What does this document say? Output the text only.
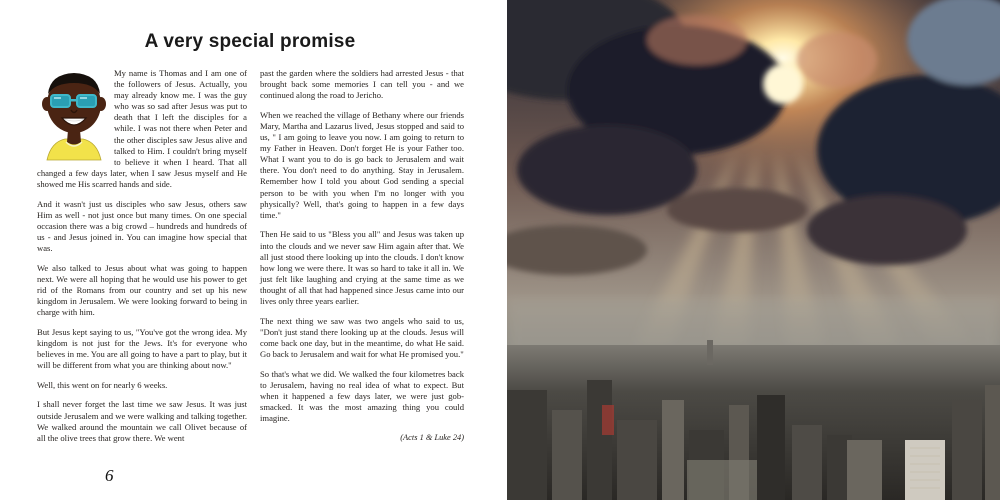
A very special promise

My name is Thomas and I am one of the followers of Jesus. Actually, you may already know me. I was the guy who was so sad after Jesus was put to death that I left the disciples for a while. I was not there when Peter and the other disciples saw Jesus alive and talked to Him. I couldn't bring myself to believe it when I heard. That all changed a few days later, when I saw Jesus myself and He showed me His scarred hands and side.

And it wasn't just us disciples who saw Jesus, others saw Him as well - not just once but many times. On one special occasion there was a big crowd – hundreds and hundreds of us - and Jesus joined in. You can imagine how special that was.

We also talked to Jesus about what was going to happen next. We were all hoping that he would use his power to get rid of the Romans from our country and set up his new kingdom in Jerusalem. We were looking forward to being in charge with him.

But Jesus kept saying to us, "You've got the wrong idea. My kingdom is not just for the Jews. It's for everyone who believes in me. You are all going to have a part to play, but it will be different from what you are thinking about now."

Well, this went on for nearly 6 weeks.

I shall never forget the last time we saw Jesus. It was just outside Jerusalem and we were walking and talking together. We walked around the mountain we call Olivet because of all the olive trees that grow there. We went

past the garden where the soldiers had arrested Jesus - that brought back some memories I can tell you - and we continued along the road to Jericho.

When we reached the village of Bethany where our friends Mary, Martha and Lazarus lived, Jesus stopped and said to us, " I am going to leave you now. I am going to return to my Father in Heaven. Don't forget He is your Father too. What I want you to do is go back to Jerusalem and wait there. You don't need to do anything. Stay in Jerusalem. Remember how I told you about God sending a special person to be with you when I'm no longer with you physically? Well, that's going to happen in a few days time."

Then He said to us "Bless you all" and Jesus was taken up into the clouds and we never saw Him again after that. We all just stood there looking up into the clouds. I don't know how long we were there. It was so hard to take it all in. We just felt like laughing and crying at the same time as we thought of all that had happened since Jesus came into our lives only three years earlier.

The next thing we saw was two angels who said to us, "Don't just stand there looking up at the clouds. Jesus will come back one day, but in the meantime, do what He said. Go back to Jerusalem and wait for what He promised you."

So that's what we did. We walked the four kilometres back to Jerusalem, having no real idea of what to expect. But when it happened a few days later, we were just gob-smacked. It was the most amazing thing you could imagine.

(Acts 1 & Luke 24)
6
